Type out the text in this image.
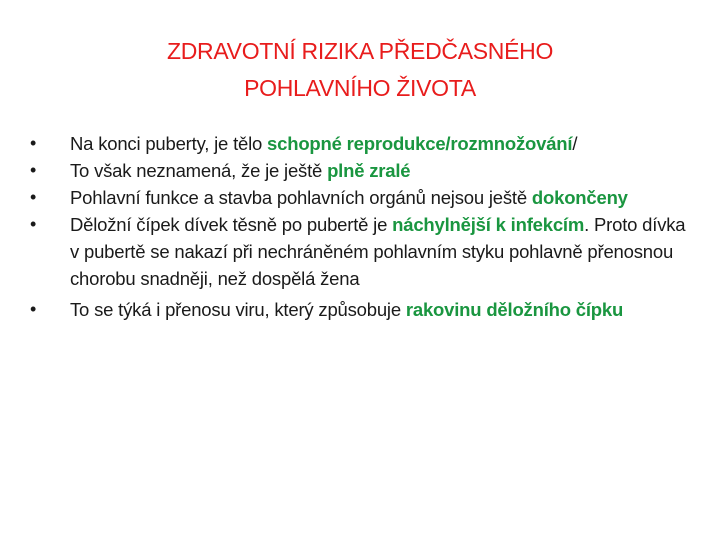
ZDRAVOTNÍ RIZIKA PŘEDČASNÉHO
POHLAVNÍHO ŽIVOTA
• Na konci puberty, je tělo schopné reprodukce/rozmnožování/
• To však neznamená, že je ještě plně zralé
• Pohlavní funkce a stavba pohlavních orgánů nejsou ještě dokončeny
• Děložní čípek dívek těsně po pubertě je náchylnější k infekcím. Proto dívka v pubertě se nakazí při nechráněném pohlavním styku pohlavně přenosnou chorobu snadněji, než dospělá žena
• To se týká i přenosu viru, který způsobuje rakovinu děložního čípku
